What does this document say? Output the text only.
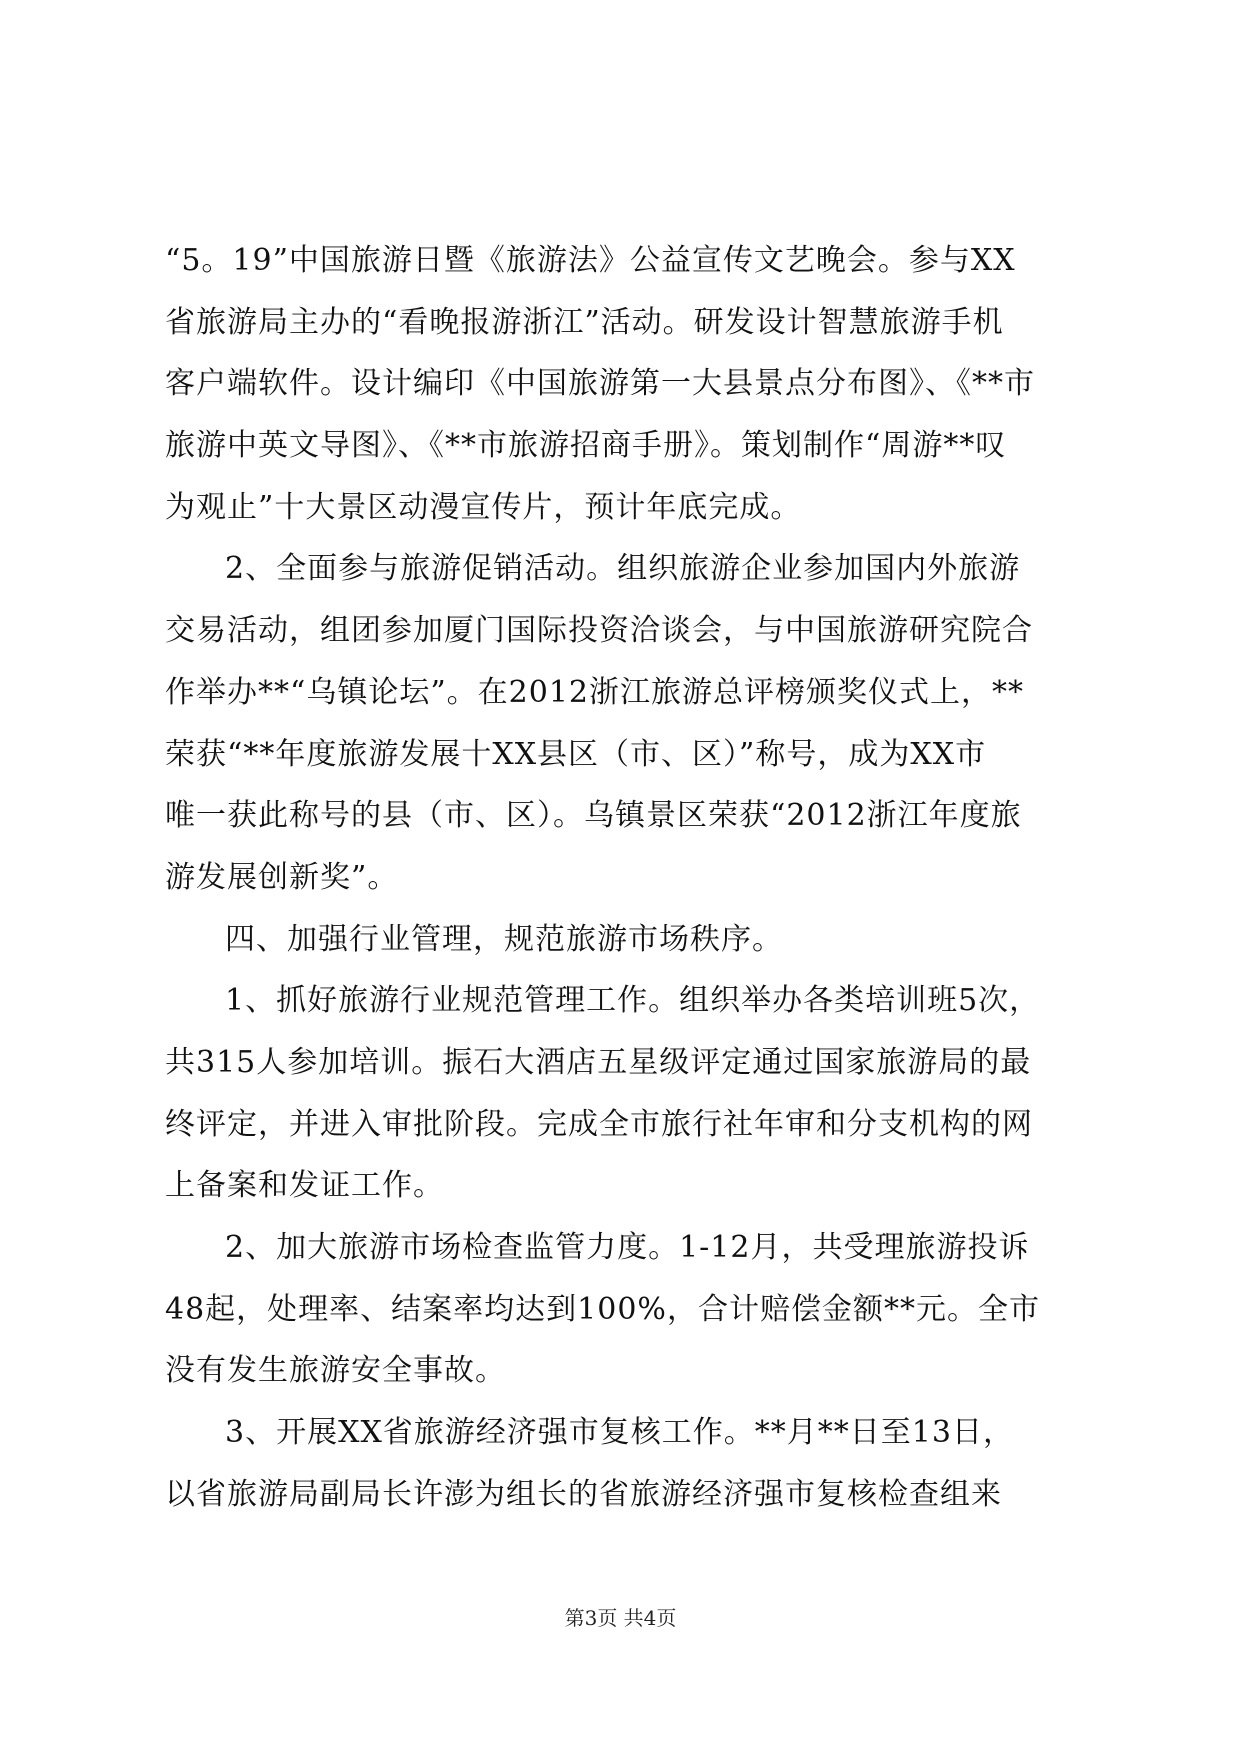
“5。19”中国旅游日暨《旅游法》公益宣传文艺晚会。参与XX
省旅游局主办的“看晚报游浙江”活动。研发设计智慧旅游手机
客户端软件。设计编印《中国旅游第一大县景点分布图》、《**市
旅游中英文导图》、《**市旅游招商手册》。策划制作“周游**叹
为观止”十大景区动漫宣传片，预计年底完成。
2、全面参与旅游促销活动。组织旅游企业参加国内外旅游
交易活动，组团参加厦门国际投资洽谈会，与中国旅游研究院合
作举办**“乌镇论坛”。在2012浙江旅游总评榜颁奖仪式上，**
荣获“**年度旅游发展十XX县区（市、区）”称号，成为XX市
唯一获此称号的县（市、区）。乌镇景区荣获“2012浙江年度旅
游发展创新奖”。
四、加强行业管理，规范旅游市场秩序。
1、抓好旅游行业规范管理工作。组织举办各类培训班5次，
共315人参加培训。振石大酒店五星级评定通过国家旅游局的最
终评定，并进入审批阶段。完成全市旅行社年审和分支机构的网
上备案和发证工作。
2、加大旅游市场检查监管力度。1-12月，共受理旅游投诉
48起，处理率、结案率均达到100%，合计赔偿金额**元。全市
没有发生旅游安全事故。
3、开展XX省旅游经济强市复核工作。**月**日至13日，
以省旅游局副局长许澎为组长的省旅游经济强市复核检查组来
第3页 共4页
